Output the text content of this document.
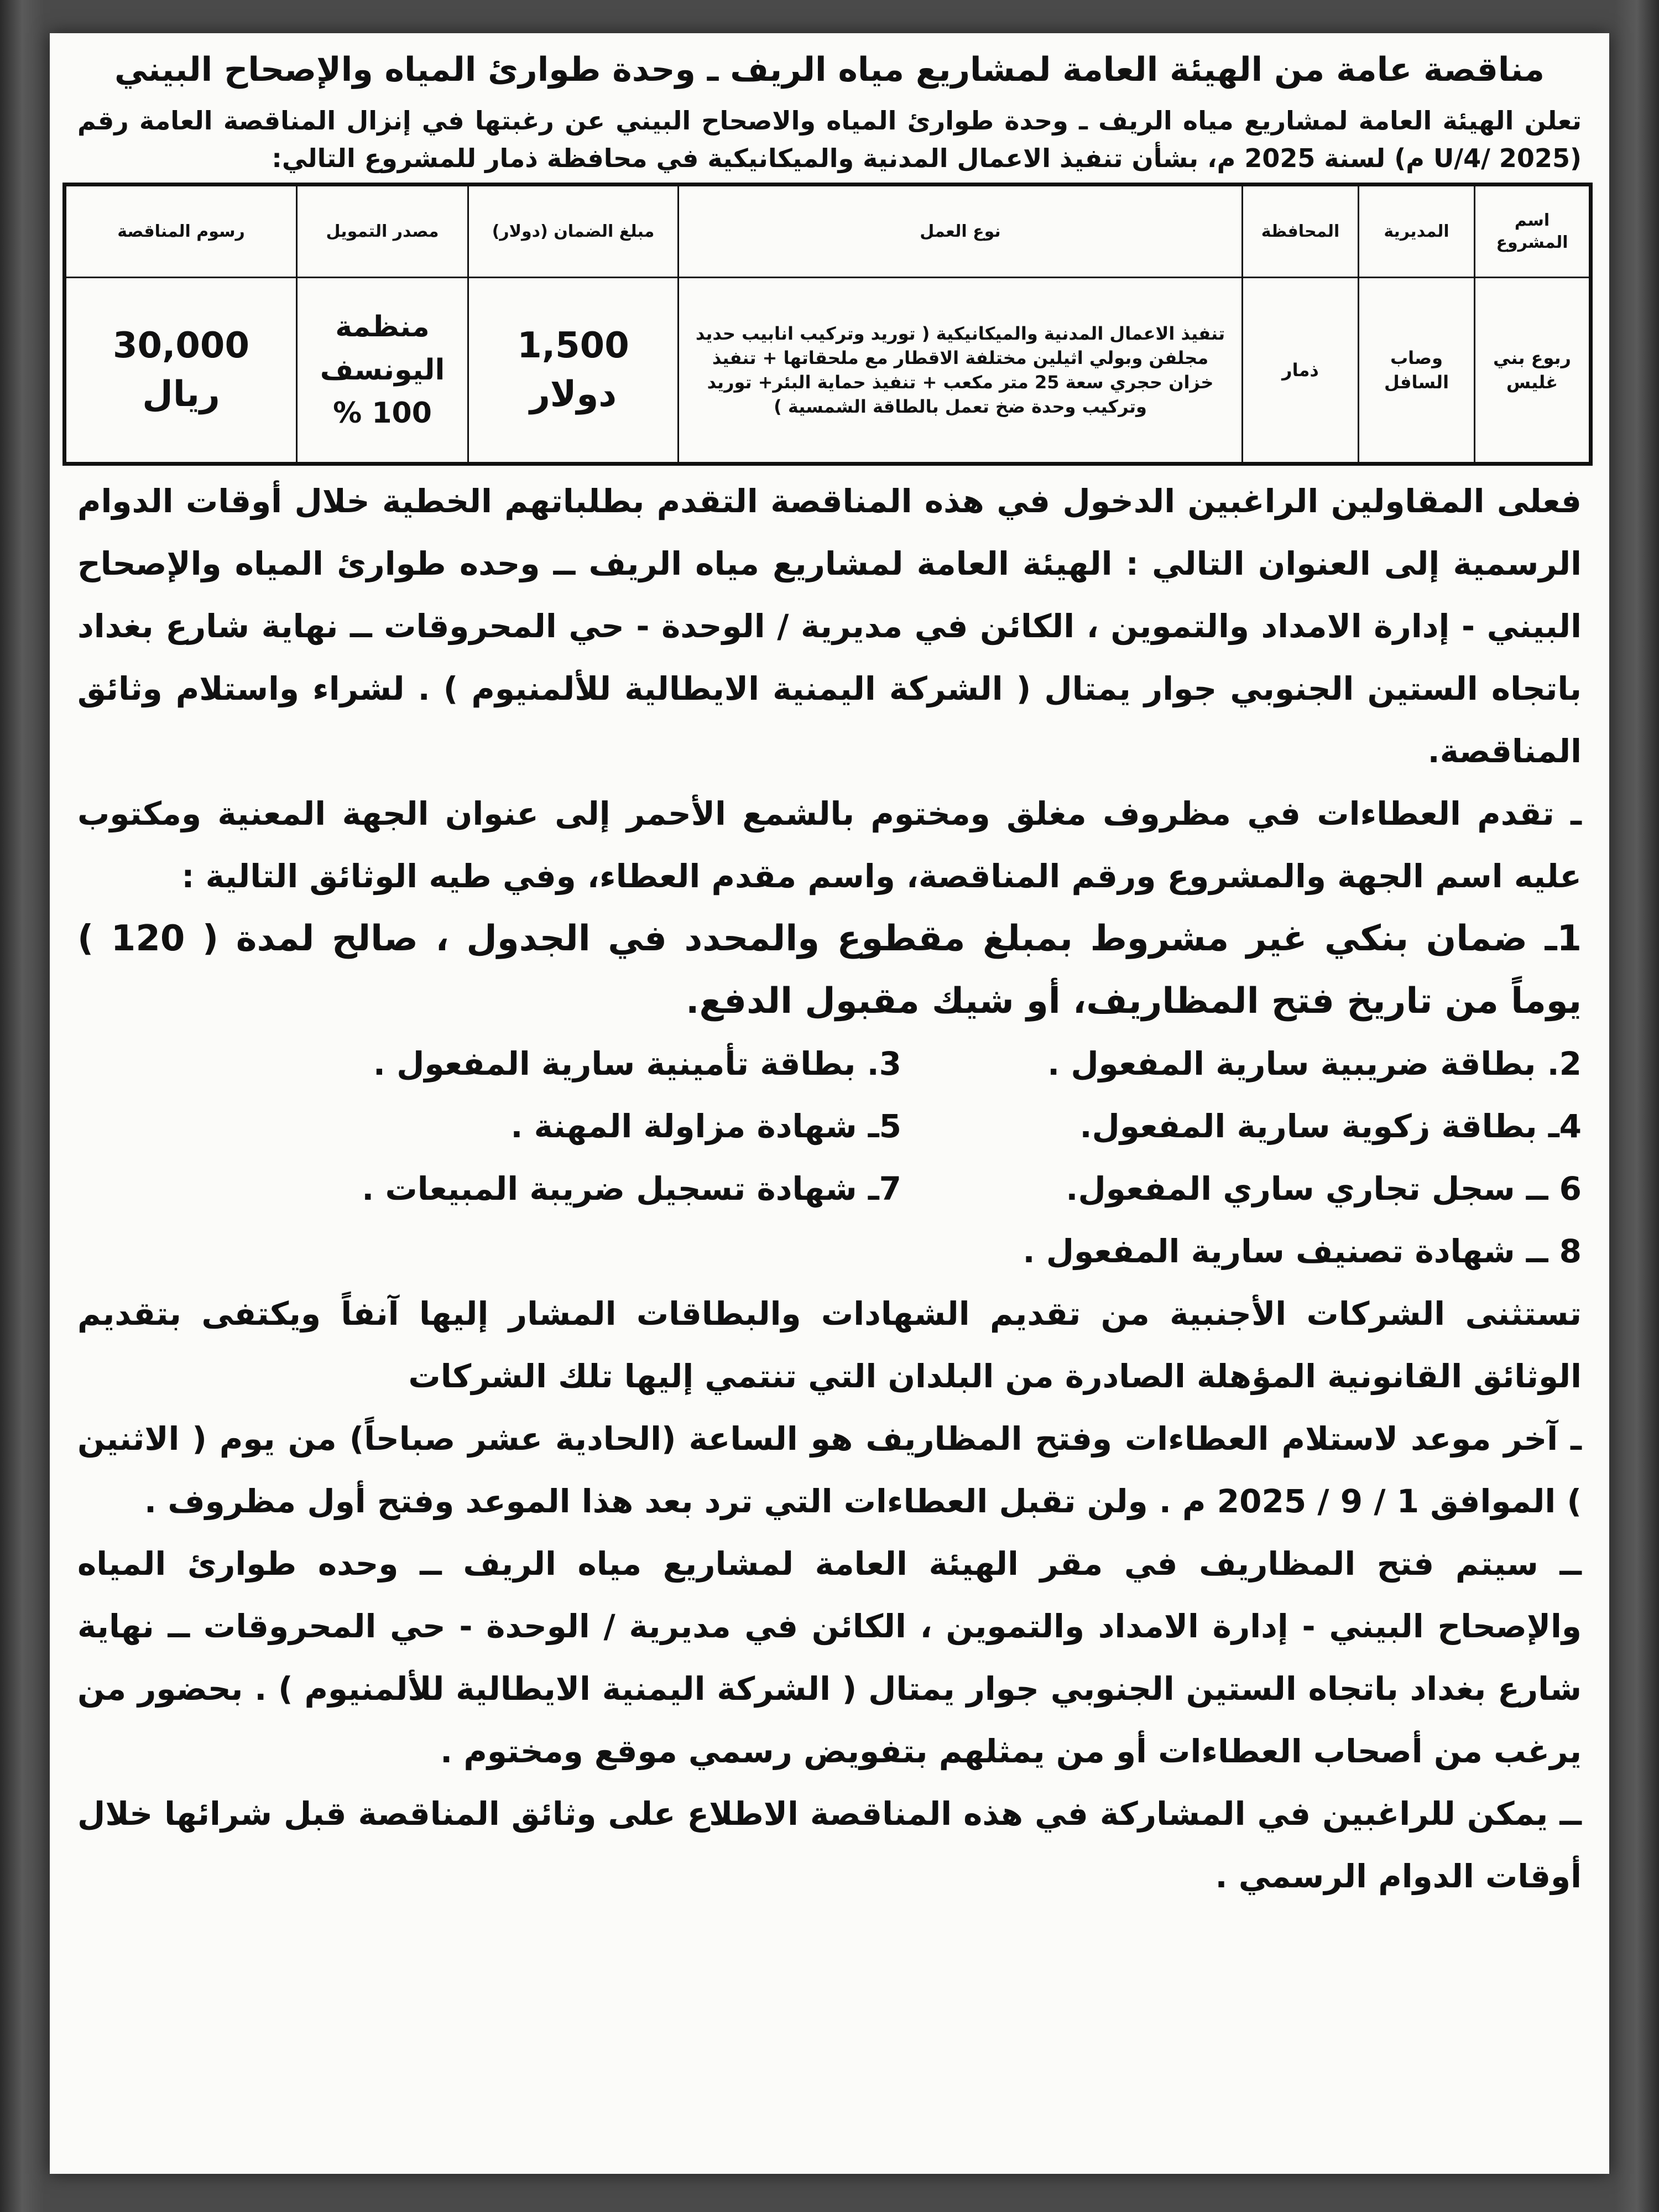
مناقصة عامة من الهيئة العامة لمشاريع مياه الريف ـ وحدة طوارئ المياه والإصحاح البيني
تعلن الهيئة العامة لمشاريع مياه الريف ـ وحدة طوارئ المياه والاصحاح البيني عن رغبتها في إنزال المناقصة العامة رقم (U/4/ 2025 م) لسنة 2025 م، بشأن تنفيذ الاعمال المدنية والميكانيكية في محافظة ذمار للمشروع التالي:
اسم المشروع	المديرية	المحافظة	نوع العمل	مبلغ الضمان (دولار)	مصدر التمويل	رسوم المناقصة
ربوع بني غليس	وصاب السافل	ذمار	تنفيذ الاعمال المدنية والميكانيكية ( توريد وتركيب انابيب حديد مجلفن وبولي اثيلين مختلفة الاقطار مع ملحقاتها + تنفيذ خزان حجري سعة 25 متر مكعب + تنفيذ حماية البئر+ توريد وتركيب وحدة ضخ تعمل بالطاقة الشمسية )	1,500 دولار	منظمة اليونسف 100 %	30,000 ريال

فعلى المقاولين الراغبين الدخول في هذه المناقصة التقدم بطلباتهم الخطية خلال أوقات الدوام الرسمية إلى العنوان التالي : الهيئة العامة لمشاريع مياه الريف ــ وحده طوارئ المياه والإصحاح البيني - إدارة الامداد والتموين ، الكائن في مديرية / الوحدة - حي المحروقات ــ نهاية شارع بغداد باتجاه الستين الجنوبي جوار يمتال ( الشركة اليمنية الايطالية للألمنيوم ) . لشراء واستلام وثائق المناقصة.

ـ تقدم العطاءات في مظروف مغلق ومختوم بالشمع الأحمر إلى عنوان الجهة المعنية ومكتوب عليه اسم الجهة والمشروع ورقم المناقصة، واسم مقدم العطاء، وفي طيه الوثائق التالية :

1ـ ضمان بنكي غير مشروط بمبلغ مقطوع والمحدد في الجدول ، صالح لمدة ( 120 ) يوماً من تاريخ فتح المظاريف، أو شيك مقبول الدفع.

2. بطاقة ضريبية سارية المفعول .
3. بطاقة تأمينية سارية المفعول .
4ـ بطاقة زكوية سارية المفعول.
5ـ شهادة مزاولة المهنة .
6 ــ سجل تجاري ساري المفعول.
7ـ شهادة تسجيل ضريبة المبيعات .

8 ــ شهادة تصنيف سارية المفعول .

تستثنى الشركات الأجنبية من تقديم الشهادات والبطاقات المشار إليها آنفاً ويكتفى بتقديم الوثائق القانونية المؤهلة الصادرة من البلدان التي تنتمي إليها تلك الشركات

ـ آخر موعد لاستلام العطاءات وفتح المظاريف هو الساعة (الحادية عشر صباحاً) من يوم ( الاثنين ) الموافق 1 / 9 / 2025 م . ولن تقبل العطاءات التي ترد بعد هذا الموعد وفتح أول مظروف .

ــ سيتم فتح المظاريف في مقر الهيئة العامة لمشاريع مياه الريف ــ وحده طوارئ المياه والإصحاح البيني - إدارة الامداد والتموين ، الكائن في مديرية / الوحدة - حي المحروقات ــ نهاية شارع بغداد باتجاه الستين الجنوبي جوار يمتال ( الشركة اليمنية الايطالية للألمنيوم ) . بحضور من يرغب من أصحاب العطاءات أو من يمثلهم بتفويض رسمي موقع ومختوم .

ــ يمكن للراغبين في المشاركة في هذه المناقصة الاطلاع على وثائق المناقصة قبل شرائها خلال أوقات الدوام الرسمي .
